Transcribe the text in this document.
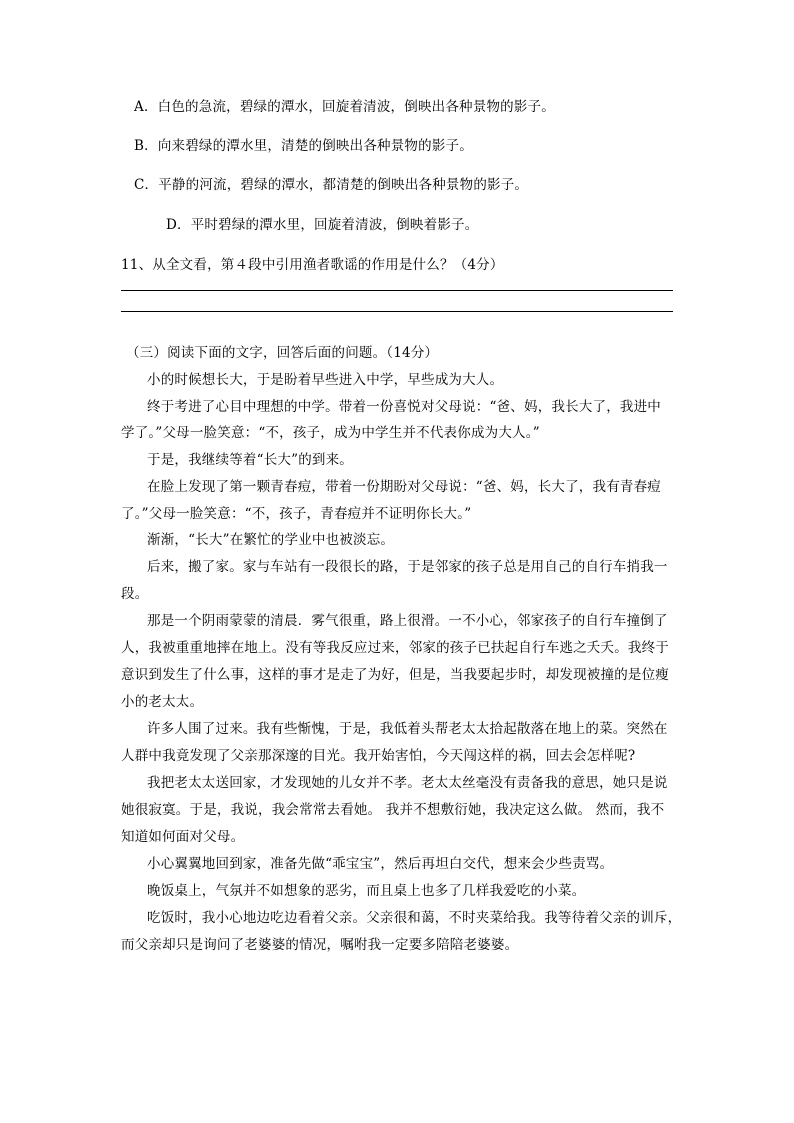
A．白色的急流，碧绿的潭水，回旋着清波，倒映出各种景物的影子。
B．向来碧绿的潭水里，清楚的倒映出各种景物的影子。
C．平静的河流，碧绿的潭水，都清楚的倒映出各种景物的影子。
D．平时碧绿的潭水里，回旋着清波，倒映着影子。
11、从全文看，第４段中引用渔者歌谣的作用是什么？（4分）
（三）阅读下面的文字，回答后面的问题。（14分）
小的时候想长大，于是盼着早些进入中学，早些成为大人。
终于考进了心目中理想的中学。带着一份喜悦对父母说：“爸、妈，我长大了，我进中
学了。”父母一脸笑意：“不，孩子，成为中学生并不代表你成为大人。”
于是，我继续等着“长大”的到来。
在脸上发现了第一颗青春痘，带着一份期盼对父母说：“爸、妈，长大了，我有青春痘
了。”父母一脸笑意：“不，孩子，青春痘并不证明你长大。”
渐渐，“长大”在繁忙的学业中也被淡忘。
后来，搬了家。家与车站有一段很长的路，于是邻家的孩子总是用自己的自行车捎我一
段。
那是一个阴雨蒙蒙的清晨．雾气很重，路上很滑。一不小心，邻家孩子的自行车撞倒了
人，我被重重地摔在地上。没有等我反应过来，邻家的孩子已扶起自行车逃之夭夭。我终于
意识到发生了什么事，这样的事才是走了为好，但是，当我要起步时，却发现被撞的是位瘦
小的老太太。
许多人围了过来。我有些惭愧，于是，我低着头帮老太太拾起散落在地上的菜。突然在
人群中我竟发现了父亲那深邃的目光。我开始害怕，今天闯这样的祸，回去会怎样呢?
我把老太太送回家，才发现她的儿女并不孝。老太太丝毫没有责备我的意思，她只是说
她很寂寞。于是，我说，我会常常去看她。 我并不想敷衍她，我决定这么做。 然而，我不
知道如何面对父母。
小心翼翼地回到家，准备先做“乖宝宝”，然后再坦白交代，想来会少些责骂。
晚饭桌上，气氛并不如想象的恶劣，而且桌上也多了几样我爱吃的小菜。
吃饭时，我小心地边吃边看着父亲。父亲很和蔼，不时夹菜给我。我等待着父亲的训斥，
而父亲却只是询问了老婆婆的情况，嘱咐我一定要多陪陪老婆婆。
